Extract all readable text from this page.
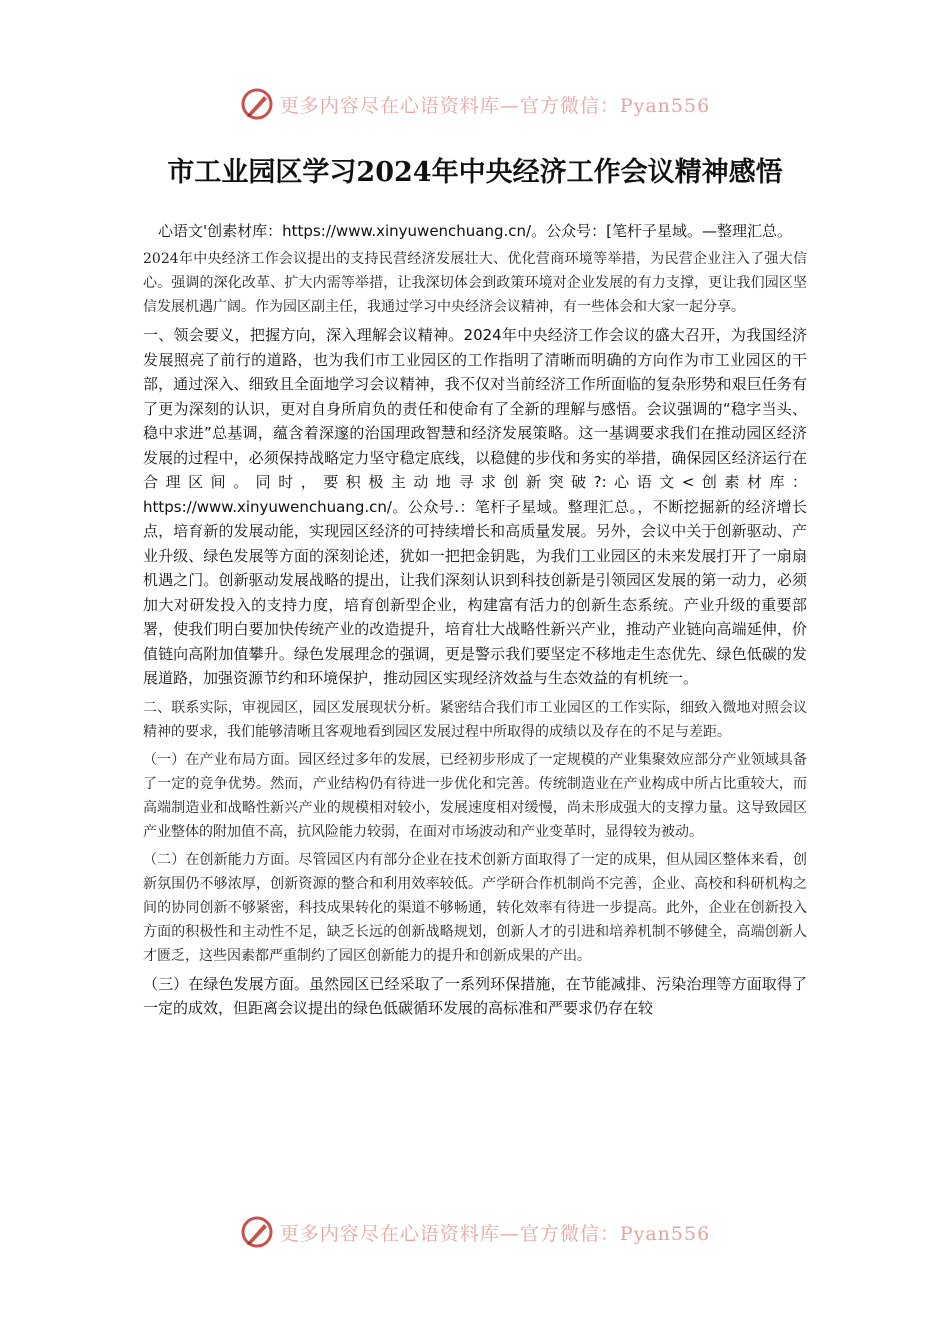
更多内容尽在心语资料库—官方微信：Pyan556
市工业园区学习2024年中央经济工作会议精神感悟

心语文'创素材库：https://www.xinyuwenchuang.cn/。公众号：[笔杆子星域。—整理汇总。

2024年中央经济工作会议提出的支持民营经济发展壮大、优化营商环境等举措，为民营企业注入了强大信心。强调的深化改革、扩大内需等举措，让我深切体会到政策环境对企业发展的有力支撑，更让我们园区坚信发展机遇广阔。作为园区副主任，我通过学习中央经济会议精神，有一些体会和大家一起分享。

一、领会要义，把握方向，深入理解会议精神。2024年中央经济工作会议的盛大召开，为我国经济发展照亮了前行的道路，也为我们市工业园区的工作指明了清晰而明确的方向作为市工业园区的干部，通过深入、细致且全面地学习会议精神，我不仅对当前经济工作所面临的复杂形势和艰巨任务有了更为深刻的认识，更对自身所肩负的责任和使命有了全新的理解与感悟。会议强调的“稳字当头、稳中求进”总基调，蕴含着深邃的治国理政智慧和经济发展策略。这一基调要求我们在推动园区经济发展的过程中，必须保持战略定力坚守稳定底线，以稳健的步伐和务实的举措，确保园区经济运行在合理区间。同时，要积极主动地寻求创新突破?:心语文<创素材库：https://www.xinyuwenchuang.cn/。公众号.：笔杆子星域。整理汇总。，不断挖掘新的经济增长点，培育新的发展动能，实现园区经济的可持续增长和高质量发展。另外，会议中关于创新驱动、产业升级、绿色发展等方面的深刻论述，犹如一把把金钥匙，为我们工业园区的未来发展打开了一扇扇机遇之门。创新驱动发展战略的提出，让我们深刻认识到科技创新是引领园区发展的第一动力，必须加大对研发投入的支持力度，培育创新型企业，构建富有活力的创新生态系统。产业升级的重要部署，使我们明白要加快传统产业的改造提升，培育壮大战略性新兴产业，推动产业链向高端延伸，价值链向高附加值攀升。绿色发展理念的强调，更是警示我们要坚定不移地走生态优先、绿色低碳的发展道路，加强资源节约和环境保护，推动园区实现经济效益与生态效益的有机统一。

二、联系实际，审视园区，园区发展现状分析。紧密结合我们市工业园区的工作实际，细致入微地对照会议精神的要求，我们能够清晰且客观地看到园区发展过程中所取得的成绩以及存在的不足与差距。

（一）在产业布局方面。园区经过多年的发展，已经初步形成了一定规模的产业集聚效应部分产业领域具备了一定的竞争优势。然而，产业结构仍有待进一步优化和完善。传统制造业在产业构成中所占比重较大，而高端制造业和战略性新兴产业的规模相对较小，发展速度相对缓慢，尚未形成强大的支撑力量。这导致园区产业整体的附加值不高，抗风险能力较弱，在面对市场波动和产业变革时，显得较为被动。

（二）在创新能力方面。尽管园区内有部分企业在技术创新方面取得了一定的成果，但从园区整体来看，创新氛围仍不够浓厚，创新资源的整合和利用效率较低。产学研合作机制尚不完善，企业、高校和科研机构之间的协同创新不够紧密，科技成果转化的渠道不够畅通，转化效率有待进一步提高。此外，企业在创新投入方面的积极性和主动性不足，缺乏长远的创新战略规划，创新人才的引进和培养机制不够健全，高端创新人才匮乏，这些因素都严重制约了园区创新能力的提升和创新成果的产出。

（三）在绿色发展方面。虽然园区已经采取了一系列环保措施，在节能减排、污染治理等方面取得了一定的成效，但距离会议提出的绿色低碳循环发展的高标准和严要求仍存在较

更多内容尽在心语资料库—官方微信：Pyan556
